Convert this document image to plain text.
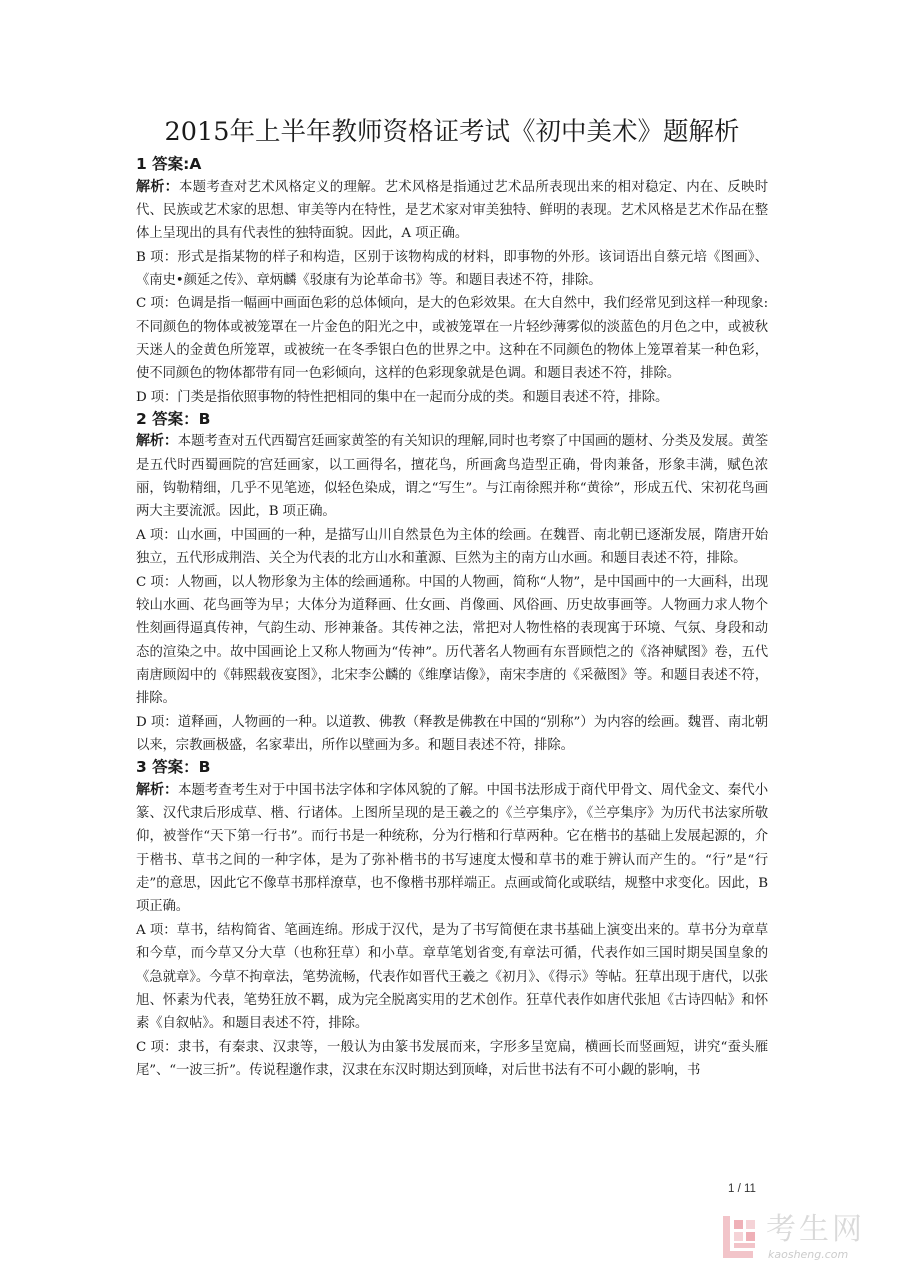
2015年上半年教师资格证考试《初中美术》题解析

1 答案:A

解析：本题考查对艺术风格定义的理解。艺术风格是指通过艺术品所表现出来的相对稳定、内在、反映时代、民族或艺术家的思想、审美等内在特性，是艺术家对审美独特、鲜明的表现。艺术风格是艺术作品在整体上呈现出的具有代表性的独特面貌。因此，A 项正确。

B 项：形式是指某物的样子和构造，区别于该物构成的材料，即事物的外形。该词语出自蔡元培《图画》、《南史•颜延之传》、章炳麟《驳康有为论革命书》等。和题目表述不符，排除。

C 项：色调是指一幅画中画面色彩的总体倾向，是大的色彩效果。在大自然中，我们经常见到这样一种现象:不同颜色的物体或被笼罩在一片金色的阳光之中，或被笼罩在一片轻纱薄雾似的淡蓝色的月色之中，或被秋天迷人的金黄色所笼罩，或被统一在冬季银白色的世界之中。这种在不同颜色的物体上笼罩着某一种色彩，使不同颜色的物体都带有同一色彩倾向，这样的色彩现象就是色调。和题目表述不符，排除。

D 项：门类是指依照事物的特性把相同的集中在一起而分成的类。和题目表述不符，排除。

2 答案：B

解析：本题考查对五代西蜀宫廷画家黄筌的有关知识的理解,同时也考察了中国画的题材、分类及发展。黄筌是五代时西蜀画院的宫廷画家，以工画得名，擅花鸟，所画禽鸟造型正确，骨肉兼备，形象丰满，赋色浓丽，钩勒精细，几乎不见笔迹，似轻色染成，谓之“写生”。与江南徐熙并称“黄徐”，形成五代、宋初花鸟画两大主要流派。因此，B 项正确。

A 项：山水画，中国画的一种，是描写山川自然景色为主体的绘画。在魏晋、南北朝已逐渐发展，隋唐开始独立，五代形成荆浩、关仝为代表的北方山水和董源、巨然为主的南方山水画。和题目表述不符，排除。

C 项：人物画，以人物形象为主体的绘画通称。中国的人物画，简称“人物”，是中国画中的一大画科，出现较山水画、花鸟画等为早；大体分为道释画、仕女画、肖像画、风俗画、历史故事画等。人物画力求人物个性刻画得逼真传神，气韵生动、形神兼备。其传神之法，常把对人物性格的表现寓于环境、气氛、身段和动态的渲染之中。故中国画论上又称人物画为“传神”。历代著名人物画有东晋顾恺之的《洛神赋图》卷，五代南唐顾闳中的《韩熙载夜宴图》，北宋李公麟的《维摩诘像》，南宋李唐的《采薇图》等。和题目表述不符，排除。

D 项：道释画，人物画的一种。以道教、佛教（释教是佛教在中国的“别称”）为内容的绘画。魏晋、南北朝以来，宗教画极盛，名家辈出，所作以壁画为多。和题目表述不符，排除。

3 答案：B

解析：本题考查考生对于中国书法字体和字体风貌的了解。中国书法形成于商代甲骨文、周代金文、秦代小篆、汉代隶后形成草、楷、行诸体。上图所呈现的是王羲之的《兰亭集序》，《兰亭集序》为历代书法家所敬仰，被誉作“天下第一行书”。而行书是一种统称，分为行楷和行草两种。它在楷书的基础上发展起源的，介于楷书、草书之间的一种字体，是为了弥补楷书的书写速度太慢和草书的难于辨认而产生的。“行”是“行走”的意思，因此它不像草书那样潦草，也不像楷书那样端正。点画或简化或联结，规整中求变化。因此，B 项正确。

A 项：草书，结构简省、笔画连绵。形成于汉代，是为了书写简便在隶书基础上演变出来的。草书分为章草和今草，而今草又分大草（也称狂草）和小草。章草笔划省变,有章法可循，代表作如三国时期吴国皇象的《急就章》。今草不拘章法，笔势流畅，代表作如晋代王羲之《初月》、《得示》等帖。狂草出现于唐代，以张旭、怀素为代表，笔势狂放不羁，成为完全脱离实用的艺术创作。狂草代表作如唐代张旭《古诗四帖》和怀素《自叙帖》。和题目表述不符，排除。

C 项：隶书，有秦隶、汉隶等，一般认为由篆书发展而来，字形多呈宽扁，横画长而竖画短，讲究“蚕头雁尾”、“一波三折”。传说程邈作隶，汉隶在东汉时期达到顶峰，对后世书法有不可小觑的影响，书

1 / 11
考生网
kaosheng.com
